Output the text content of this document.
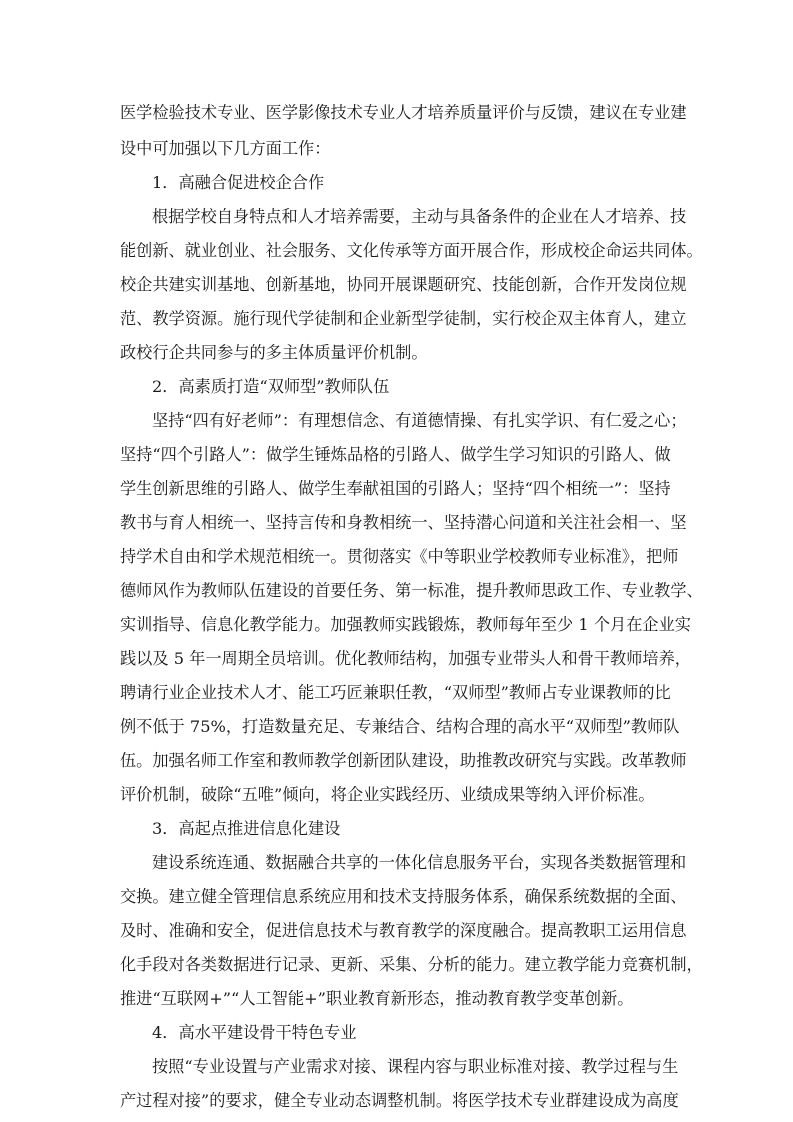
医学检验技术专业、医学影像技术专业人才培养质量评价与反馈，建议在专业建
设中可加强以下几方面工作：
1．高融合促进校企合作
根据学校自身特点和人才培养需要，主动与具备条件的企业在人才培养、技
能创新、就业创业、社会服务、文化传承等方面开展合作，形成校企命运共同体。
校企共建实训基地、创新基地，协同开展课题研究、技能创新，合作开发岗位规
范、教学资源。施行现代学徒制和企业新型学徒制，实行校企双主体育人，建立
政校行企共同参与的多主体质量评价机制。
2．高素质打造“双师型”教师队伍
坚持“四有好老师”：有理想信念、有道德情操、有扎实学识、有仁爱之心；
坚持“四个引路人”：做学生锤炼品格的引路人、做学生学习知识的引路人、做
学生创新思维的引路人、做学生奉献祖国的引路人；坚持“四个相统一”：坚持
教书与育人相统一、坚持言传和身教相统一、坚持潜心问道和关注社会相一、坚
持学术自由和学术规范相统一。贯彻落实《中等职业学校教师专业标准》，把师
德师风作为教师队伍建设的首要任务、第一标准，提升教师思政工作、专业教学、
实训指导、信息化教学能力。加强教师实践锻炼，教师每年至少 1 个月在企业实
践以及 5 年一周期全员培训。优化教师结构，加强专业带头人和骨干教师培养，
聘请行业企业技术人才、能工巧匠兼职任教，“双师型”教师占专业课教师的比
例不低于 75%，打造数量充足、专兼结合、结构合理的高水平“双师型”教师队
伍。加强名师工作室和教师教学创新团队建设，助推教改研究与实践。改革教师
评价机制，破除“五唯”倾向，将企业实践经历、业绩成果等纳入评价标准。
3．高起点推进信息化建设
建设系统连通、数据融合共享的一体化信息服务平台，实现各类数据管理和
交换。建立健全管理信息系统应用和技术支持服务体系，确保系统数据的全面、
及时、准确和安全，促进信息技术与教育教学的深度融合。提高教职工运用信息
化手段对各类数据进行记录、更新、采集、分析的能力。建立教学能力竞赛机制，
推进“互联网+”“人工智能+”职业教育新形态，推动教育教学变革创新。
4．高水平建设骨干特色专业
按照“专业设置与产业需求对接、课程内容与职业标准对接、教学过程与生
产过程对接”的要求，健全专业动态调整机制。将医学技术专业群建设成为高度
